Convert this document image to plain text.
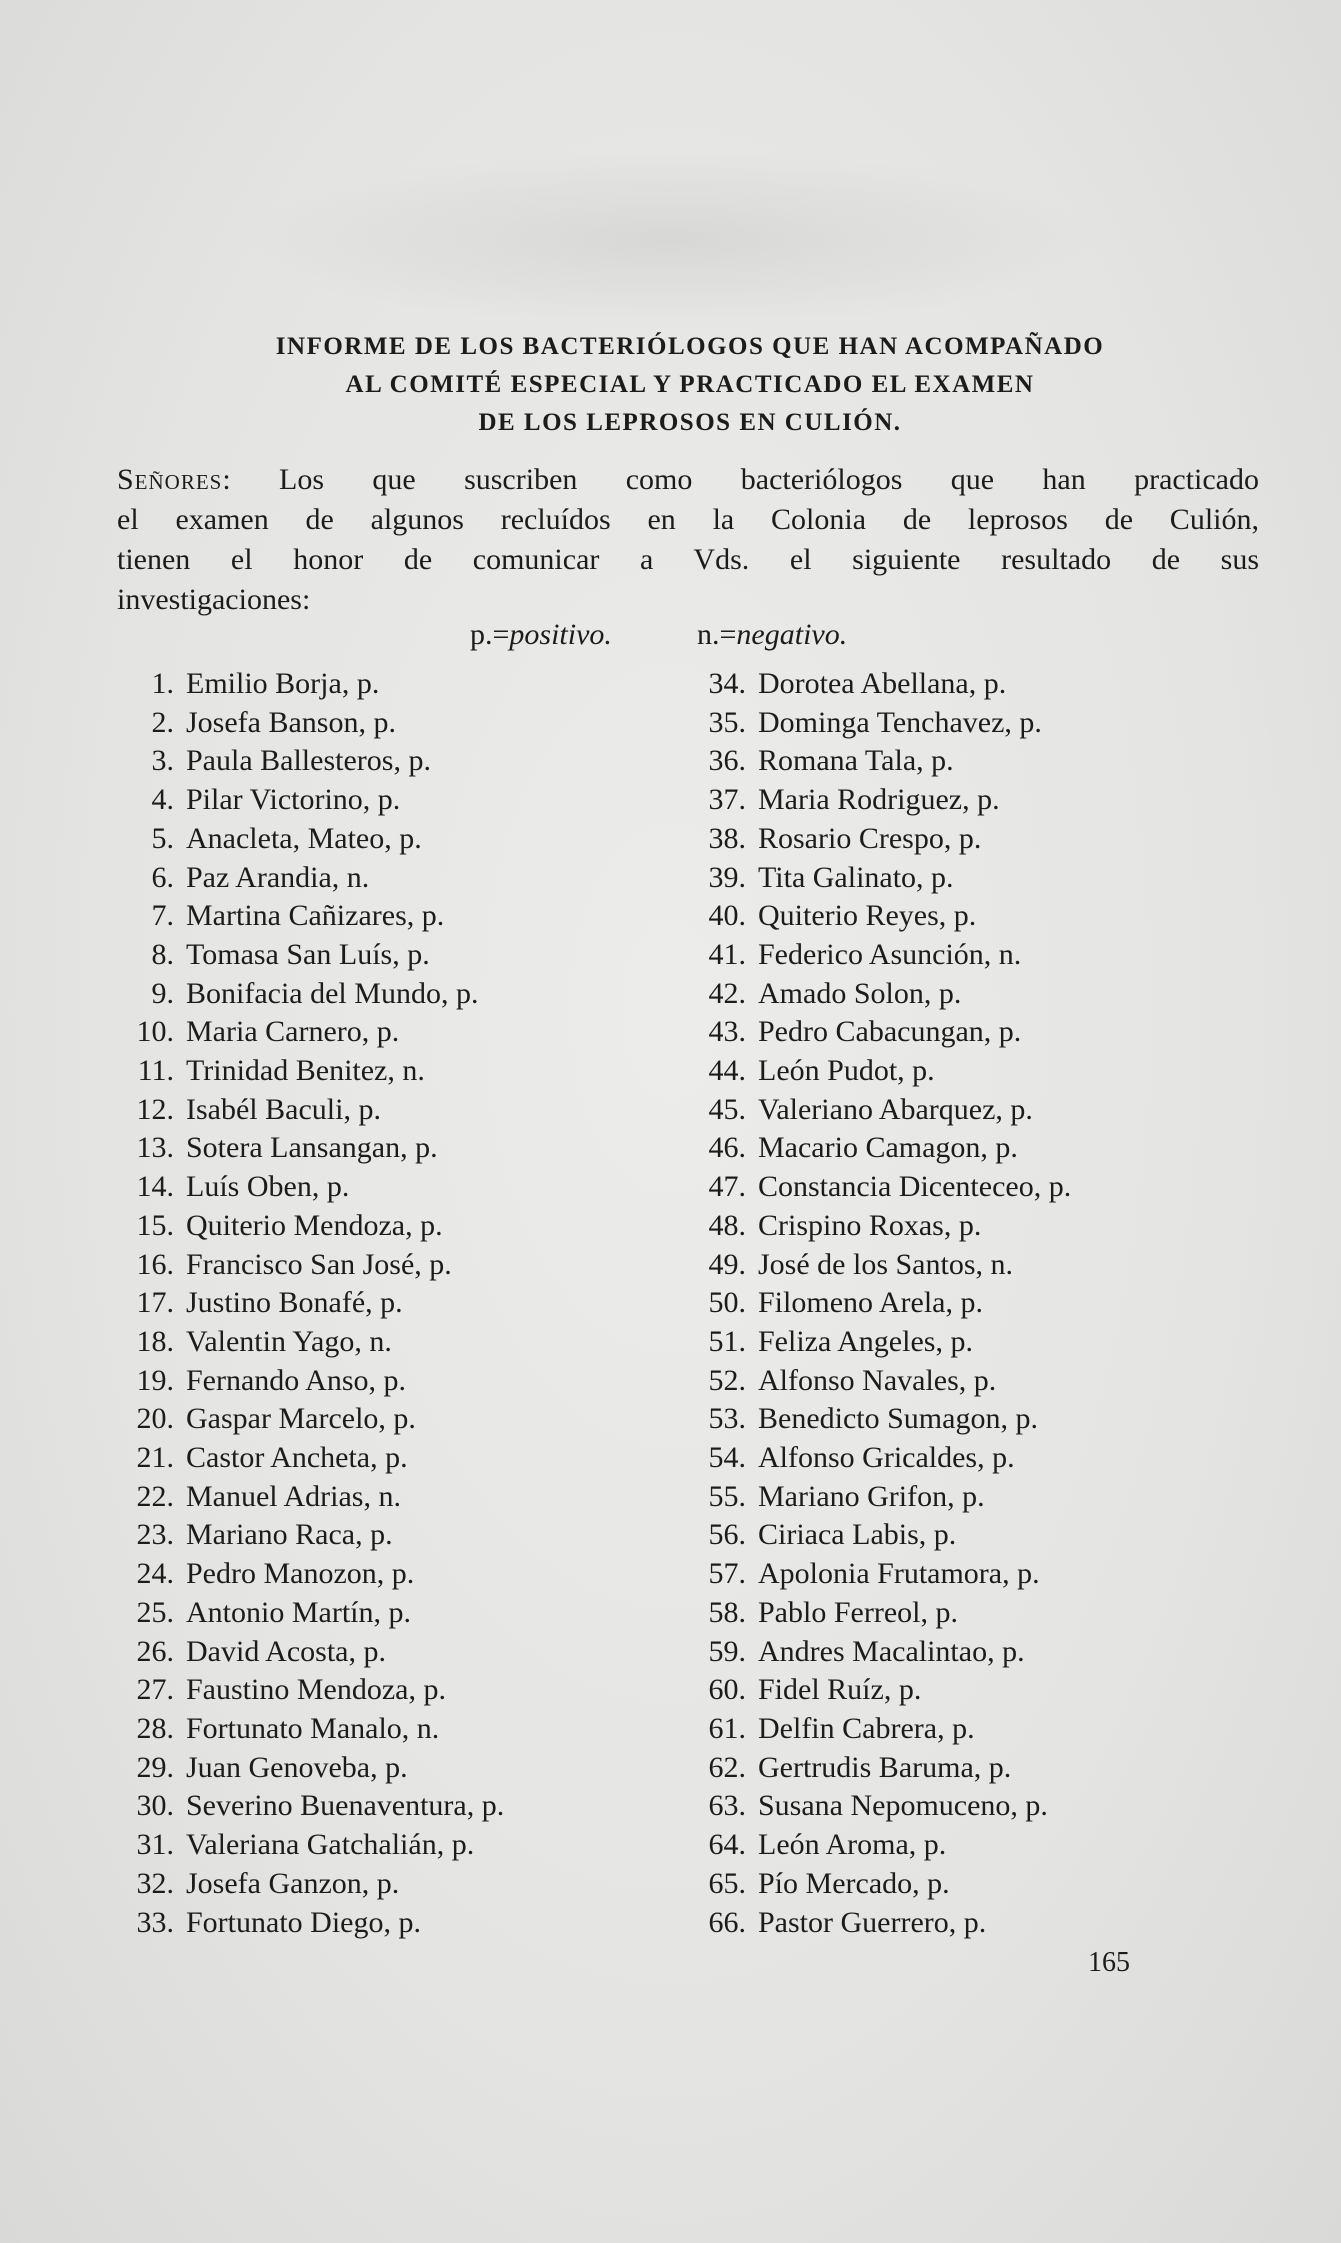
INFORME DE LOS BACTERIÓLOGOS QUE HAN ACOMPAÑADO
AL COMITÉ ESPECIAL Y PRACTICADO EL EXAMEN
DE LOS LEPROSOS EN CULIÓN.
Señores: Los que suscriben como bacteriólogos que han practicado
el examen de algunos recluídos en la Colonia de leprosos de Culión,
tienen el honor de comunicar a Vds. el siguiente resultado de sus
investigaciones:
p.=positivo.	n.=negativo.
1. Emilio Borja, p.
2. Josefa Banson, p.
3. Paula Ballesteros, p.
4. Pilar Victorino, p.
5. Anacleta, Mateo, p.
6. Paz Arandia, n.
7. Martina Cañizares, p.
8. Tomasa San Luís, p.
9. Bonifacia del Mundo, p.
10. Maria Carnero, p.
11. Trinidad Benitez, n.
12. Isabél Baculi, p.
13. Sotera Lansangan, p.
14. Luís Oben, p.
15. Quiterio Mendoza, p.
16. Francisco San José, p.
17. Justino Bonafé, p.
18. Valentin Yago, n.
19. Fernando Anso, p.
20. Gaspar Marcelo, p.
21. Castor Ancheta, p.
22. Manuel Adrias, n.
23. Mariano Raca, p.
24. Pedro Manozon, p.
25. Antonio Martín, p.
26. David Acosta, p.
27. Faustino Mendoza, p.
28. Fortunato Manalo, n.
29. Juan Genoveba, p.
30. Severino Buenaventura, p.
31. Valeriana Gatchalián, p.
32. Josefa Ganzon, p.
33. Fortunato Diego, p.
34. Dorotea Abellana, p.
35. Dominga Tenchavez, p.
36. Romana Tala, p.
37. Maria Rodriguez, p.
38. Rosario Crespo, p.
39. Tita Galinato, p.
40. Quiterio Reyes, p.
41. Federico Asunción, n.
42. Amado Solon, p.
43. Pedro Cabacungan, p.
44. León Pudot, p.
45. Valeriano Abarquez, p.
46. Macario Camagon, p.
47. Constancia Dicenteceo, p.
48. Crispino Roxas, p.
49. José de los Santos, n.
50. Filomeno Arela, p.
51. Feliza Angeles, p.
52. Alfonso Navales, p.
53. Benedicto Sumagon, p.
54. Alfonso Gricaldes, p.
55. Mariano Grifon, p.
56. Ciriaca Labis, p.
57. Apolonia Frutamora, p.
58. Pablo Ferreol, p.
59. Andres Macalintao, p.
60. Fidel Ruíz, p.
61. Delfin Cabrera, p.
62. Gertrudis Baruma, p.
63. Susana Nepomuceno, p.
64. León Aroma, p.
65. Pío Mercado, p.
66. Pastor Guerrero, p.
165
